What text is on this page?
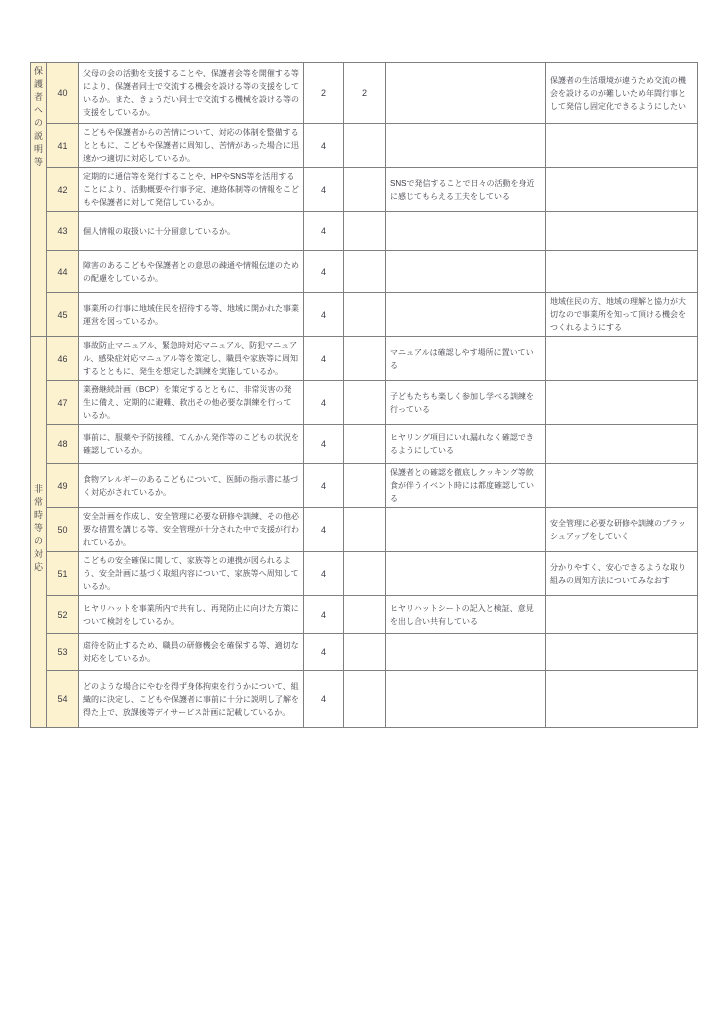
保護者への説明等	40	父母の会の活動を支援することや、保護者会等を開催する等により、保護者同士で交流する機会を設ける等の支援をしているか。また、きょうだい同士で交流する機械を設ける等の支援をしているか。	2	2		保護者の生活環境が違うため交流の機会を設けるのが難しいため年間行事として発信し固定化できるようにしたい
	41	こどもや保護者からの苦情について、対応の体制を整備するとともに、こどもや保護者に周知し、苦情があった場合に迅速かつ適切に対応しているか。	4			
	42	定期的に通信等を発行することや、HPやSNS等を活用することにより、活動概要や行事予定、連絡体制等の情報をこどもや保護者に対して発信しているか。	4		SNSで発信することで日々の活動を身近に感じてもらえる工夫をしている	
	43	個人情報の取扱いに十分留意しているか。	4			
	44	障害のあるこどもや保護者との意思の疎通や情報伝達のための配慮をしているか。	4			
	45	事業所の行事に地域住民を招待する等、地域に開かれた事業運営を図っているか。	4			地域住民の方、地域の理解と協力が大切なので事業所を知って頂ける機会をつくれるようにする
非常時等の対応	46	事故防止マニュアル、緊急時対応マニュアル、防犯マニュアル、感染症対応マニュアル等を策定し、職員や家族等に周知するとともに、発生を想定した訓練を実施しているか。	4		マニュアルは確認しやす場所に置いている	
	47	業務継続計画（BCP）を策定するとともに、非常災害の発生に備え、定期的に避難、救出その他必要な訓練を行っているか。	4		子どもたちも楽しく参加し学べる訓練を行っている	
	48	事前に、服薬や予防接種、てんかん発作等のこどもの状況を確認しているか。	4		ヒヤリング項目にいれ漏れなく確認できるようにしている	
	49	食物アレルギーのあるこどもについて、医師の指示書に基づく対応がされているか。	4		保護者との確認を徹底しクッキング等飲食が伴うイベント時には都度確認している	
	50	安全計画を作成し、安全管理に必要な研修や訓練、その他必要な措置を講じる等、安全管理が十分された中で支援が行われているか。	4			安全管理に必要な研修や訓練のブラッシュアップをしていく
	51	こどもの安全確保に関して、家族等との連携が図られるよう、安全計画に基づく取組内容について、家族等へ周知しているか。	4			分かりやすく、安心できるような取り組みの周知方法についてみなおす
	52	ヒヤリハットを事業所内で共有し、再発防止に向けた方策について検討をしているか。	4		ヒヤリハットシートの記入と検証、意見を出し合い共有している	
	53	虐待を防止するため、職員の研修機会を確保する等、適切な対応をしているか。	4			
	54	どのような場合にやむを得ず身体拘束を行うかについて、組織的に決定し、こどもや保護者に事前に十分に説明し了解を得た上で、放課後等デイサービス計画に記載しているか。	4			
